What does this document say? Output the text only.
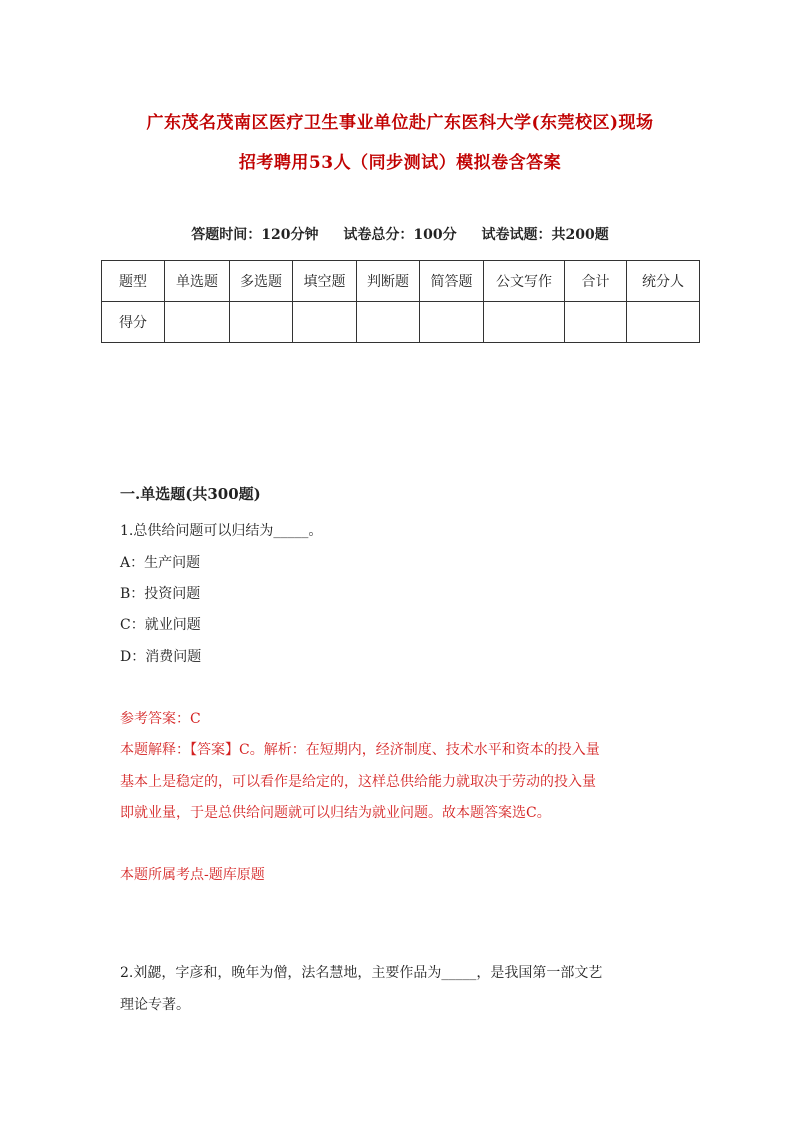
广东茂名茂南区医疗卫生事业单位赴广东医科大学(东莞校区)现场
招考聘用53人（同步测试）模拟卷含答案
答题时间：120分钟 试卷总分：100分 试卷试题：共200题
题型	单选题	多选题	填空题	判断题	简答题	公文写作	合计	统分人
得分								
一.单选题(共300题)
1.总供给问题可以归结为_____。
A：生产问题
B：投资问题
C：就业问题
D：消费问题
参考答案：C
本题解释：【答案】C。解析：在短期内，经济制度、技术水平和资本的投入量
基本上是稳定的，可以看作是给定的，这样总供给能力就取决于劳动的投入量
即就业量，于是总供给问题就可以归结为就业问题。故本题答案选C。
本题所属考点-题库原题
2.刘勰，字彦和，晚年为僧，法名慧地，主要作品为_____，是我国第一部文艺
理论专著。
